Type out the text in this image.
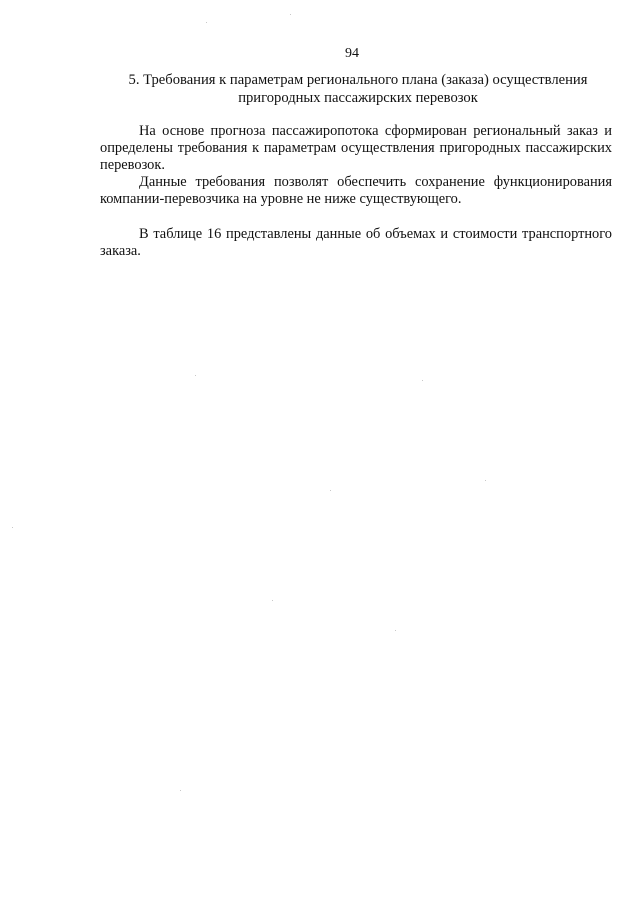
94
5. Требования к параметрам регионального плана (заказа) осуществления пригородных пассажирских перевозок

На основе прогноза пассажиропотока сформирован региональный заказ и определены требования к параметрам осуществления пригородных пассажирских перевозок.

Данные требования позволят обеспечить сохранение функционирования компании-перевозчика на уровне не ниже существующего.

В таблице 16 представлены данные об объемах и стоимости транспортного заказа.
